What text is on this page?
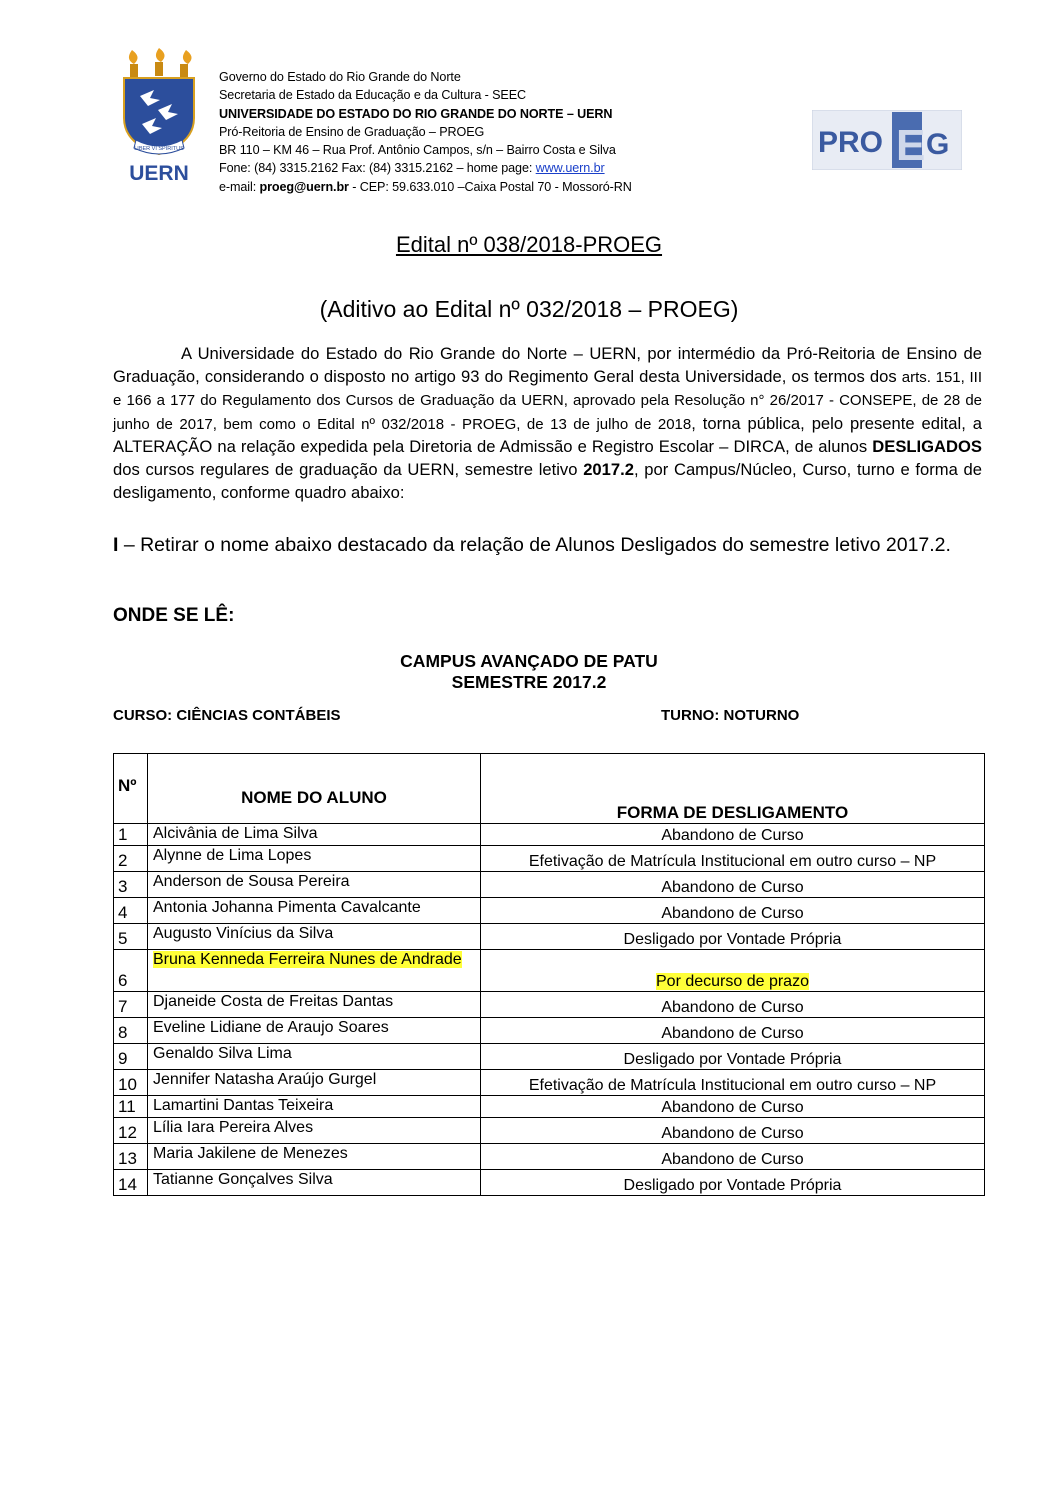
LIBER VI SPIRITUS
UERN
Governo do Estado do Rio Grande do Norte
Secretaria de Estado da Educação e da Cultura - SEEC
UNIVERSIDADE DO ESTADO DO RIO GRANDE DO NORTE – UERN
Pró-Reitoria de Ensino de Graduação – PROEG
BR 110 – KM 46 – Rua Prof. Antônio Campos, s/n – Bairro Costa e Silva
Fone: (84) 3315.2162 Fax: (84) 3315.2162 – home page: www.uern.br
e-mail: proeg@uern.br - CEP: 59.633.010 –Caixa Postal 70 - Mossoró-RN
PRO E G
Edital nº 038/2018-PROEG
(Aditivo ao Edital nº 032/2018 – PROEG)
A Universidade do Estado do Rio Grande do Norte – UERN, por intermédio da Pró-Reitoria de Ensino de Graduação, considerando o disposto no artigo 93 do Regimento Geral desta Universidade, os termos dos arts. 151, III e 166 a 177 do Regulamento dos Cursos de Graduação da UERN, aprovado pela Resolução n° 26/2017 - CONSEPE, de 28 de junho de 2017, bem como o Edital nº 032/2018 - PROEG, de 13 de julho de 2018, torna pública, pelo presente edital, a ALTERAÇÃO na relação expedida pela Diretoria de Admissão e Registro Escolar – DIRCA, de alunos DESLIGADOS dos cursos regulares de graduação da UERN, semestre letivo 2017.2, por Campus/Núcleo, Curso, turno e forma de desligamento, conforme quadro abaixo:
I – Retirar o nome abaixo destacado da relação de Alunos Desligados do semestre letivo 2017.2.
ONDE SE LÊ:
CAMPUS AVANÇADO DE PATU
SEMESTRE 2017.2
CURSO: CIÊNCIAS CONTÁBEIS	TURNO: NOTURNO
Nº	NOME DO ALUNO	FORMA DE DESLIGAMENTO
1	Alcivânia de Lima Silva	Abandono de Curso
2	Alynne de Lima Lopes	Efetivação de Matrícula Institucional em outro curso – NP
3	Anderson de Sousa Pereira	Abandono de Curso
4	Antonia Johanna Pimenta Cavalcante	Abandono de Curso
5	Augusto Vinícius da Silva	Desligado por Vontade Própria
6	Bruna Kenneda Ferreira Nunes de Andrade	Por decurso de prazo
7	Djaneide Costa de Freitas Dantas	Abandono de Curso
8	Eveline Lidiane de Araujo Soares	Abandono de Curso
9	Genaldo Silva Lima	Desligado por Vontade Própria
10	Jennifer Natasha Araújo Gurgel	Efetivação de Matrícula Institucional em outro curso – NP
11	Lamartini Dantas Teixeira	Abandono de Curso
12	Lília Iara Pereira Alves	Abandono de Curso
13	Maria Jakilene de Menezes	Abandono de Curso
14	Tatianne Gonçalves Silva	Desligado por Vontade Própria
